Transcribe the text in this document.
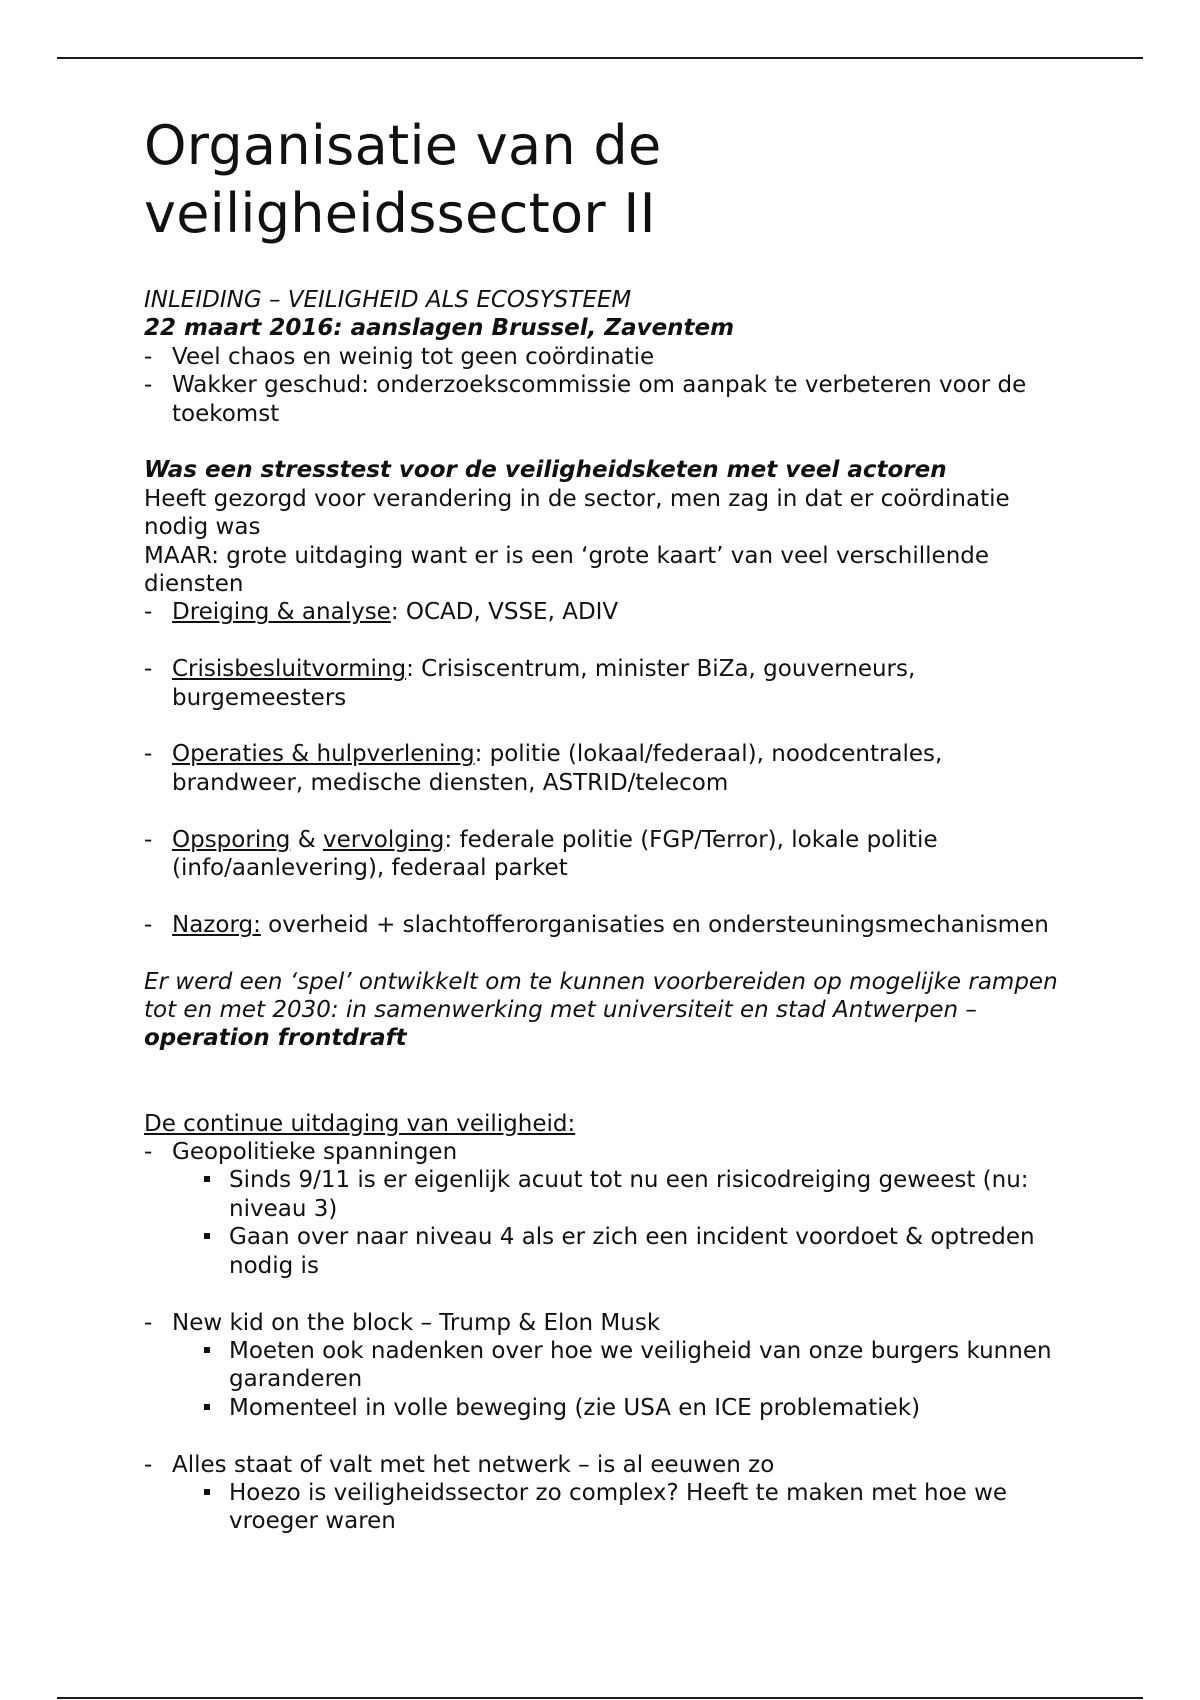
Organisatie van de veiligheidssector II

INLEIDING – VEILIGHEID ALS ECOSYSTEEM

22 maart 2016: aanslagen Brussel, Zaventem

- Veel chaos en weinig tot geen coördinatie
- Wakker geschud: onderzoekscommissie om aanpak te verbeteren voor de toekomst

Was een stresstest voor de veiligheidsketen met veel actoren

Heeft gezorgd voor verandering in de sector, men zag in dat er coördinatie nodig was

MAAR: grote uitdaging want er is een ‘grote kaart’ van veel verschillende diensten

- Dreiging & analyse: OCAD, VSSE, ADIV
- Crisisbesluitvorming: Crisiscentrum, minister BiZa, gouverneurs, burgemeesters
- Operaties & hulpverlening: politie (lokaal/federaal), noodcentrales, brandweer, medische diensten, ASTRID/telecom
- Opsporing & vervolging: federale politie (FGP/Terror), lokale politie (info/aanlevering), federaal parket
- Nazorg: overheid + slachtofferorganisaties en ondersteuningsmechanismen

Er werd een ‘spel’ ontwikkelt om te kunnen voorbereiden op mogelijke rampen tot en met 2030: in samenwerking met universiteit en stad Antwerpen – operation frontdraft

De continue uitdaging van veiligheid:

- Geopolitieke spanningen
Sinds 9/11 is er eigenlijk acuut tot nu een risicodreiging geweest (nu: niveau 3)
Gaan over naar niveau 4 als er zich een incident voordoet & optreden nodig is
- New kid on the block – Trump & Elon Musk
Moeten ook nadenken over hoe we veiligheid van onze burgers kunnen garanderen
Momenteel in volle beweging (zie USA en ICE problematiek)
- Alles staat of valt met het netwerk – is al eeuwen zo
Hoezo is veiligheidssector zo complex? Heeft te maken met hoe we vroeger waren
